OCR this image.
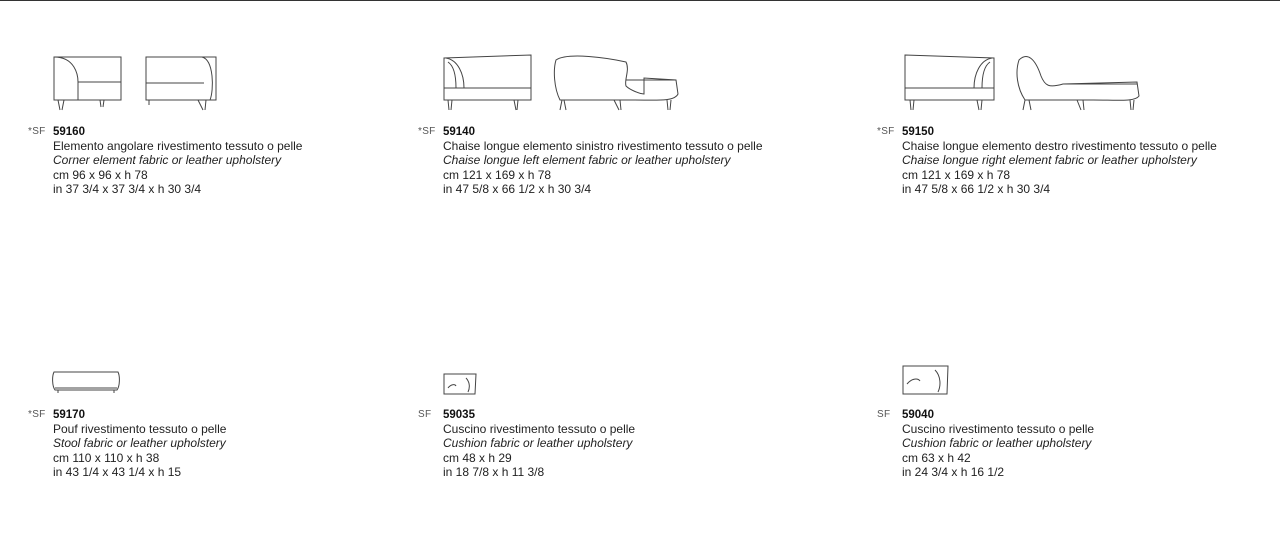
*SF 59160
Elemento angolare rivestimento tessuto o pelle
Corner element fabric or leather upholstery
cm 96 x 96 x h 78
in 37 3/4 x 37 3/4 x h 30 3/4
*SF 59140
Chaise longue elemento sinistro rivestimento tessuto o pelle
Chaise longue left element fabric or leather upholstery
cm 121 x 169 x h 78
in 47 5/8 x 66 1/2 x h 30 3/4
*SF 59150
Chaise longue elemento destro rivestimento tessuto o pelle
Chaise longue right element fabric or leather upholstery
cm 121 x 169 x h 78
in 47 5/8 x 66 1/2 x h 30 3/4
*SF 59170
Pouf rivestimento tessuto o pelle
Stool fabric or leather upholstery
cm 110 x 110 x h 38
in 43 1/4 x 43 1/4 x h 15
SF	59035
Cuscino rivestimento tessuto o pelle
Cushion fabric or leather upholstery
cm 48 x h 29
in 18 7/8 x h 11 3/8
SF	59040
Cuscino rivestimento tessuto o pelle
Cushion fabric or leather upholstery
cm 63 x h 42
in 24 3/4 x h 16 1/2
